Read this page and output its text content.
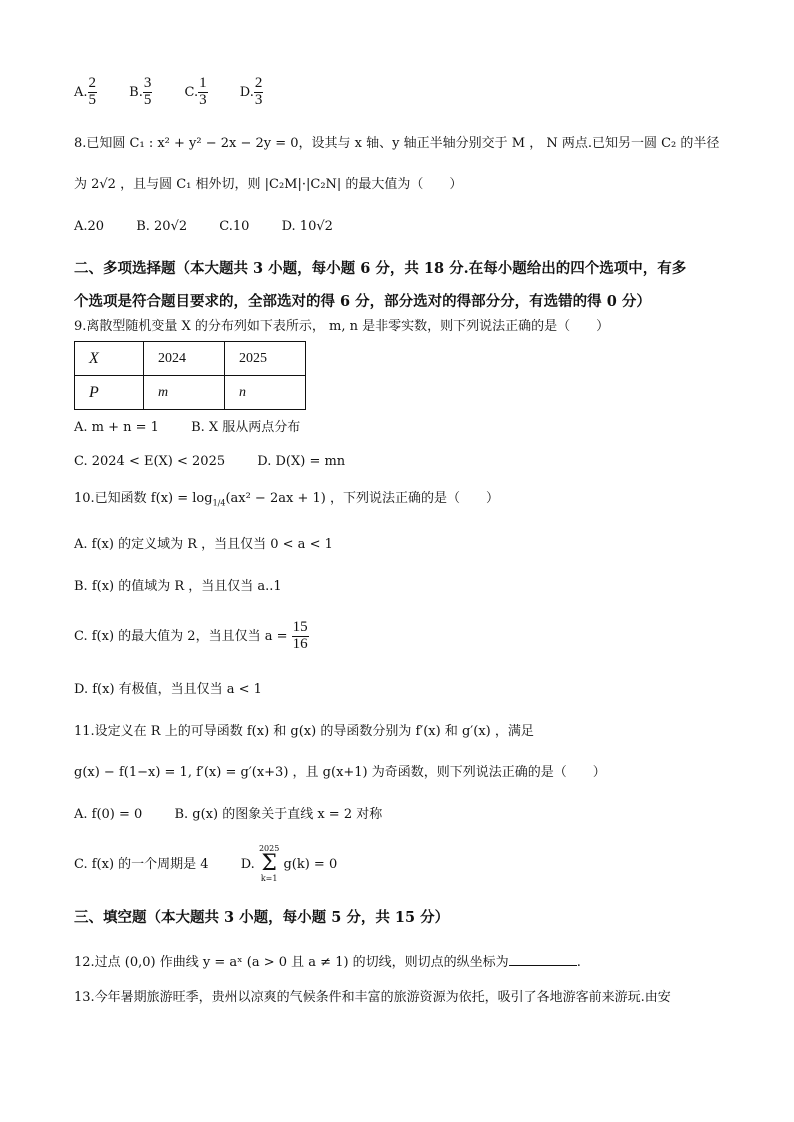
A. $\frac{2}{5} B$. $\frac{3}{5} C$. $\frac{1}{3} D$. $\frac{2}{3}$
8.已知圆 C₁ : x² + y² − 2x − 2y = 0，设其与 x 轴、y 轴正半轴分别交于 M ， N 两点.已知另一圆 C₂ 的半径
为 2√2 ，且与圆 C₁ 相外切，则 |C₂M|·|C₂N| 的最大值为（　　）
A.20 B. 20√2 C.10 D. 10√2
二、多项选择题（本大题共 3 小题，每小题 6 分，共 18 分.在每小题给出的四个选项中，有多
个选项是符合题目要求的，全部选对的得 6 分，部分选对的得部分分，有选错的得 0 分）
9.离散型随机变量 X 的分布列如下表所示， m, n 是非零实数，则下列说法正确的是（　　）
X	2024	2025
P	m	n
A. m + n = 1 B. X 服从两点分布
C. 2024 < E(X) < 2025 D. D(X) = mn
10.已知函数 $f(x) = \log_{1/4}(ax^2 - 2ax + 1)$ ，下列说法正确的是（　　）
A. f(x) 的定义域为 R ，当且仅当 0 < a < 1
B. f(x) 的值域为 R ，当且仅当 a..1
C. f(x) 的最大值为 2，当且仅当 $a = \frac{15}{16}$
D. f(x) 有极值，当且仅当 a < 1
11.设定义在 R 上的可导函数 f(x) 和 g(x) 的导函数分别为 f′(x) 和 g′(x) ，满足
g(x) − f(1−x) = 1, f′(x) = g′(x+3) ，且 g(x+1) 为奇函数，则下列说法正确的是（　　）
A. f(0) = 0 B. g(x) 的图象关于直线 x = 2 对称
C. f(x) 的一个周期是 4 D.
2025
Σ
k=1
g(k) = 0
三、填空题（本大题共 3 小题，每小题 5 分，共 15 分）
12.过点 (0,0) 作曲线 y = aˣ (a > 0 且 a ≠ 1) 的切线，则切点的纵坐标为	.
13.今年暑期旅游旺季，贵州以凉爽的气候条件和丰富的旅游资源为依托，吸引了各地游客前来游玩.由安
